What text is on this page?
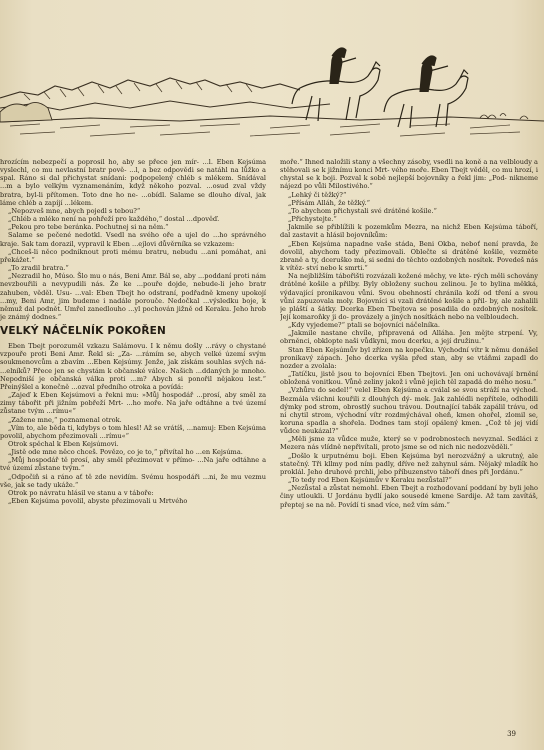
hrozícím nebezpečí a poprosil ho, aby se přece jen mír- ...l. Eben Kejsúma vyslechl, co mu nevlastní bratr pově- ...l, a bez odpovědi se natáhl na lůžko a spal. Ráno si dal přichystat snídani: podpopelený chléb s mlékem. Snídával ...m a bylo velkým vyznamenáním, když někoho pozval. ...osud zval vždy bratra, byl-li přítomen. Toto dne ho ne- ...obídl. Salame se dlouho díval, jak láme chléb a zapíjí ...lékem.

„Nepozveš mne, abych pojedl s tebou?“

„Chléb a mléko není na pohřeží pro každého,“ dostal ...dpověď.

„Pekou pro tebe beránka. Pochutnej si na něm.“

Salame se pečené nedotkl. Vsedl na svého oře a ujel do ...ho správného kraje. Sak tam dorazil, vypravil k Eben ...ejlovi důvěrníka se vzkazem:

„Chceš-li něco podniknout proti mému bratru, nebudu ...ani pomáhat, ani překážet.“

„To zradil bratra.“

„Nezradil ho, Múso. Šlo mu o nás, Beni Amr. Bál se, aby ...poddaní proti nám nevzbouřili a nevypudili nás. Že ke ...pouře dojde, nebude-li jeho bratr zahuben, věděl. Usu- ...val: Eben Tbejt ho odstraní, podřadně kmeny upokojí ...my, Beni Amr, jim budeme i nadále porouče. Nedočkal ...výsledku boje, k němuž dal podnět. Umřel zanedlouho ...yl pochován jižně od Keraku. Jeho hrob je známý dodnes.“

VELKÝ NÁČELNÍK POKOŘEN

Eben Tbejt porozuměl vzkazu Salámovu. I k němu došly ...rávy o chystané vzpouře proti Beni Amr. Řekl si: „Za- ...rámím se, abych velké území svým soukmenovcům a zbavím ...Eben Kejsúmy. Jenže, jak získám souhlas svých ná- ...elníků? Přece jen se chystám k občanské válce. Našich ...ddaných je mnoho. Nepodniší je občanská válka proti ...m? Abych si ponořil nějakou lest.“ Přeinýšlel a konečně ...ozval předního otroka a povídá:

„Zajeď k Eben Kejsúmovi a řekni mu: »Můj hospodář ...prosí, aby směl za zimy tábořit při jižním pobřeží Mrt- ...ho moře. Na jaře odtáhne a tvé území zůstane tvým ...rímu«“

„Zažene mne,“ poznamenal otrok.

„Vím to, ale běda ti, kdybys o tom hlesl! Až se vrátíš, ...namuj: Eben Kejsúma povolil, abychom přezimovali ...rímu«“

Otrok spěchal k Eben Kejsúmovi.

„Jistě ode mne něco chceš. Povězo, co je to,“ přivítal ho ...en Kejsúma.

„Můj hospodář tě prosí, aby směl přezimovat v přímo- ...Na jaře odtáhne a tvé území zůstane tvým.“

„Odpočiň si a ráno ať tě zde nevidím. Svému hospodáři ...ni, že mu vezmu vše, jak se tady ukáže.“

Otrok po návratu hlásil ve stanu a v táboře:

„Eben Kejsúma povolil, abyste přezimovali u Mrtvého

moře.“ Ihned naložili stany a všechny zásoby, vsedli na koně a na velbloudy a stěhovali se k jižnímu konci Mrt- vého moře. Eben Tbejt věděl, co mu hrozí, i chystal se k boji. Pozval k sobě nejlepší bojovníky a řekl jim: „Pod- nikneme nájezd po vůli Milostivého.“

„Lehký či těžký?“

„Přísám Alláh, že těžký.“

„To abychom přichystali své drátěné košile.“

„Přichystejte.“

Jakmile se přiblížili k pozemkům Mezra, na nichž Eben Kejsúma táboří, dal zastavit a hlásil bojovníkům:

„Eben Kejsúma napadne vaše stáda, Beni Okba, neboť není pravda, že dovolil, abychom tady přezimovali. Oblečte si drátěné košile, vezměte zbraně a ty, dceruško má, si sedni do těchto ozdobných nosítek. Povedeš nás k vítěz- ství nebo k smrti.“

Na nejbližším tábořišti rozvázali kožené měchy, ve kte- rých měli schovány drátěné košile a přilby. Byly obloženy suchou zelinou. Je to bylina měkká, výdavající pronikavou vůni. Svou obehností chránila koží od tření a svou vůní zapuzovala moly. Bojovníci si vzali drátěné košile a přil- by, ale zahalili je pláští a šátky. Dcerka Eben Tbejtova se posadila do ozdobných nosítek. Její komaroňky ji do- provázely a jiných nosítkách nebo na velbloudech.

„Kdy vyjedeme?“ ptali se bojovníci náčelníka.

„Jakmile nastane chvíle, připravená od Alláha. Jen mějte strpení. Vy, obrněnci, obklopte naši vůdkyni, mou dcerku, a její družinu.“

Stan Eben Kejsúmův byl zřízen na kopečku. Východní vítr k němu donášel pronikavý zápach. Jeho dcerka vyšla před stan, aby se vtáňmi zapadl do nozder a zvolala:

„Tatíčku, jistě jsou to bojovníci Eben Tbejtovi. Jen oni uchovávají brnění obložená vonitkou. Vůně zeliny jakož i vůně jejich těl zapadá do mého nosu.“

„Vzhůru do sedel!“ velel Eben Kejsúma a cválal se svou stráží na východ. Bezmála všichni kouřili z dlouhých dý- mek. Jak zahlédli nepřítele, odhodili dýmky pod strom, obrostlý suchou trávou. Doutnající tabák zapálil trávu, od ní chytil strom, východní vítr rozdmýchával oheň, kmen ohořel, zlomil se, koruna spadla a shořela. Dodnes tam stojí opálený kmen. „Což tě jej vidí vůdce neukázal?“

„Měli jsme za vůdce muže, který se v podrobnostech nevyznal. Sedláci z Mezera nás vlídně nepřivítali, proto jsme se od nich nic nedozvěděli.“

„Došlo k urputnému boji. Eben Kejsúma byl nerozvážný a ukrutný, ale statečný. Tři kllmy pod ním padly, dříve než zahynul sám. Nějaký mladík ho proklál. Jeho druhové prchli, jebo příbuzenstvo táboří dnes při Jordánu.“

„To tedy rod Eben Kejsúmův v Keraku nezůstal?“

„Nezůstal a zůstat nemohl. Eben Tbejt a rozhodovaní poddaní by byli jeho činy utloukli. U Jordánu bydlí jako sousedé kmene Sardije. Až tam zavítáš, přeptej se na ně. Povídí ti snad více, než vím sám.“

39
